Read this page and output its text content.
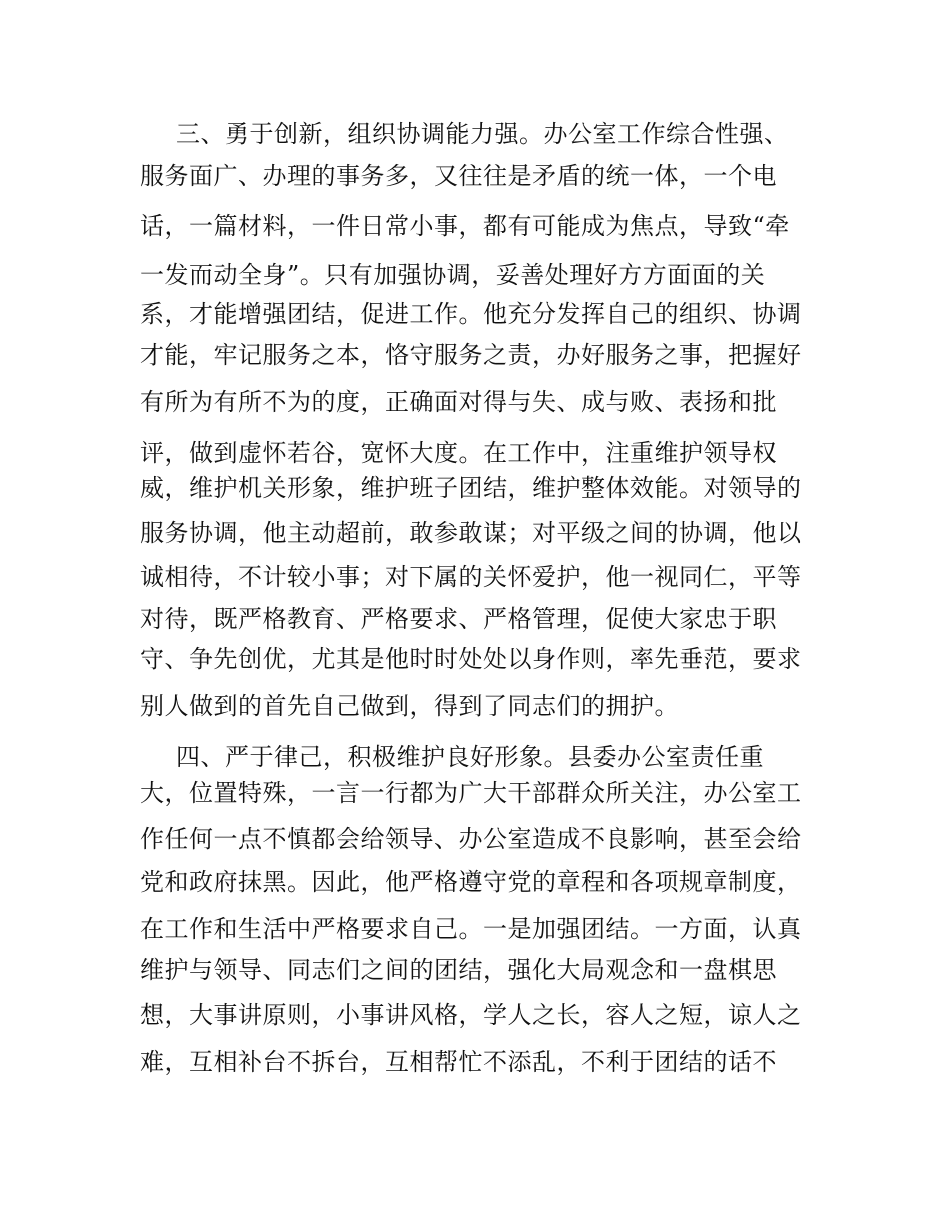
三、勇于创新，组织协调能力强。办公室工作综合性强、
服务面广、办理的事务多，又往往是矛盾的统一体，一个电
话，一篇材料，一件日常小事，都有可能成为焦点，导致“牵
一发而动全身”。只有加强协调，妥善处理好方方面面的关
系，才能增强团结，促进工作。他充分发挥自己的组织、协调
才能，牢记服务之本，恪守服务之责，办好服务之事，把握好
有所为有所不为的度，正确面对得与失、成与败、表扬和批
评，做到虚怀若谷，宽怀大度。在工作中，注重维护领导权
威，维护机关形象，维护班子团结，维护整体效能。对领导的
服务协调，他主动超前，敢参敢谋；对平级之间的协调，他以
诚相待，不计较小事；对下属的关怀爱护，他一视同仁，平等
对待，既严格教育、严格要求、严格管理，促使大家忠于职
守、争先创优，尤其是他时时处处以身作则，率先垂范，要求
别人做到的首先自己做到，得到了同志们的拥护。
四、严于律己，积极维护良好形象。县委办公室责任重
大，位置特殊，一言一行都为广大干部群众所关注，办公室工
作任何一点不慎都会给领导、办公室造成不良影响，甚至会给
党和政府抹黑。因此，他严格遵守党的章程和各项规章制度，
在工作和生活中严格要求自己。一是加强团结。一方面，认真
维护与领导、同志们之间的团结，强化大局观念和一盘棋思
想，大事讲原则，小事讲风格，学人之长，容人之短，谅人之
难，互相补台不拆台，互相帮忙不添乱，不利于团结的话不
